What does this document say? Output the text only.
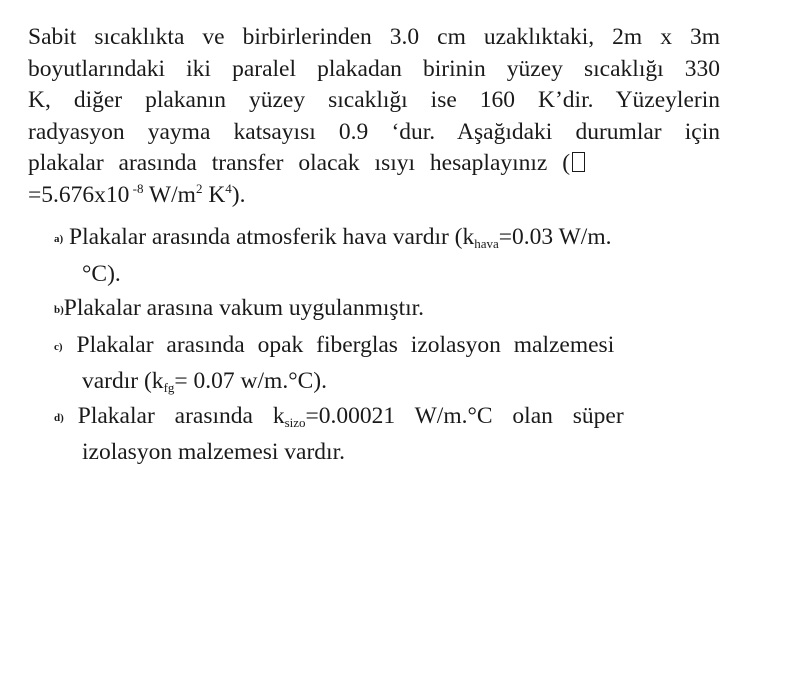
Sabit sıcaklıkta ve birbirlerinden 3.0 cm uzaklıktaki, 2m x 3m
boyutlarındaki iki paralel plakadan birinin yüzey sıcaklığı 330
K, diğer plakanın yüzey sıcaklığı ise 160 K’dir. Yüzeylerin
radyasyon yayma katsayısı 0.9 ‘dur. Aşağıdaki durumlar için
plakalar arasında transfer olacak ısıyı hesaplayınız (
=5.676x10 $^{-8}$ $W/m^2$ $K^4$).
a) Plakalar arasında atmosferik hava vardır ($k_{hava}=0.03$ W/m.
°C).
b)Plakalar arasına vakum uygulanmıştır.
c) Plakalar arasında opak fiberglas izolasyon malzemesi
vardır ($k_{fg}= 0.07$ w/m.°C).
d) Plakalar arasında $k_{sizo}=0.00021$ W/m.°C olan süper
izolasyon malzemesi vardır.
